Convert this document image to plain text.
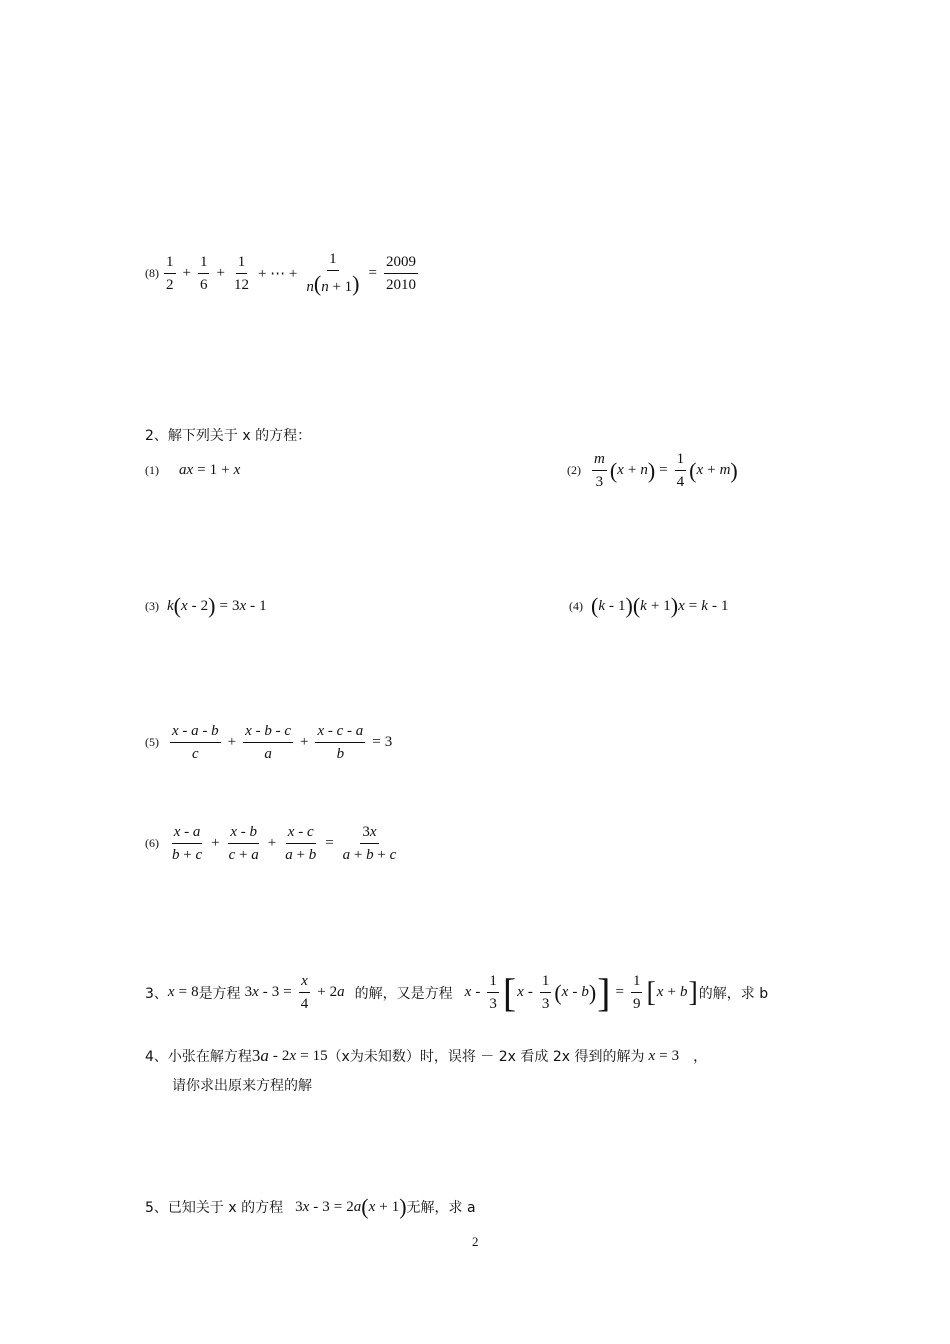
$(8) \frac{1}{2} + \frac{1}{6} + \frac{1}{12}$ + ⋯ + $\frac{1}{n(n + 1)} = \frac{2009}{2010}$
2、解下列关于 x 的方程：
(1) ax = 1 + x	$(2) \frac{m}{3}$ ( x + n ) = $\frac{1}{4}$ ( x + m )
(3) k ( x - 2 ) = 3 x - 1	(4) ( k - 1 )( k + 1 ) x = k - 1
$(5) \frac{x - a - b}{c} + \frac{x - b - c}{a} + \frac{x - c - a}{b} = 3$
$(6) \frac{x - a}{b + c} + \frac{x - b}{c + a} + \frac{x - c}{a + b} = \frac{3x}{a + b + c}$
3、 x = 8 是方程 $3x - 3 = \frac{x}{4} + 2$ a 的解，又是方程 x - $\frac{1}{3}$ [ x - $\frac{1}{3}$ ( x - b ) ] = $\frac{1}{9}$ [ x + b ] 的解，求 b
4、小张在解方程 3a - 2 x = 15 （x为未知数）时，误将 － 2x 看成 2x 得到的解为 x = 3 ，
请你求出原来方程的解
5、已知关于 x 的方程 3 x - 3 = 2 a ( x + 1 ) 无解，求 a
2
